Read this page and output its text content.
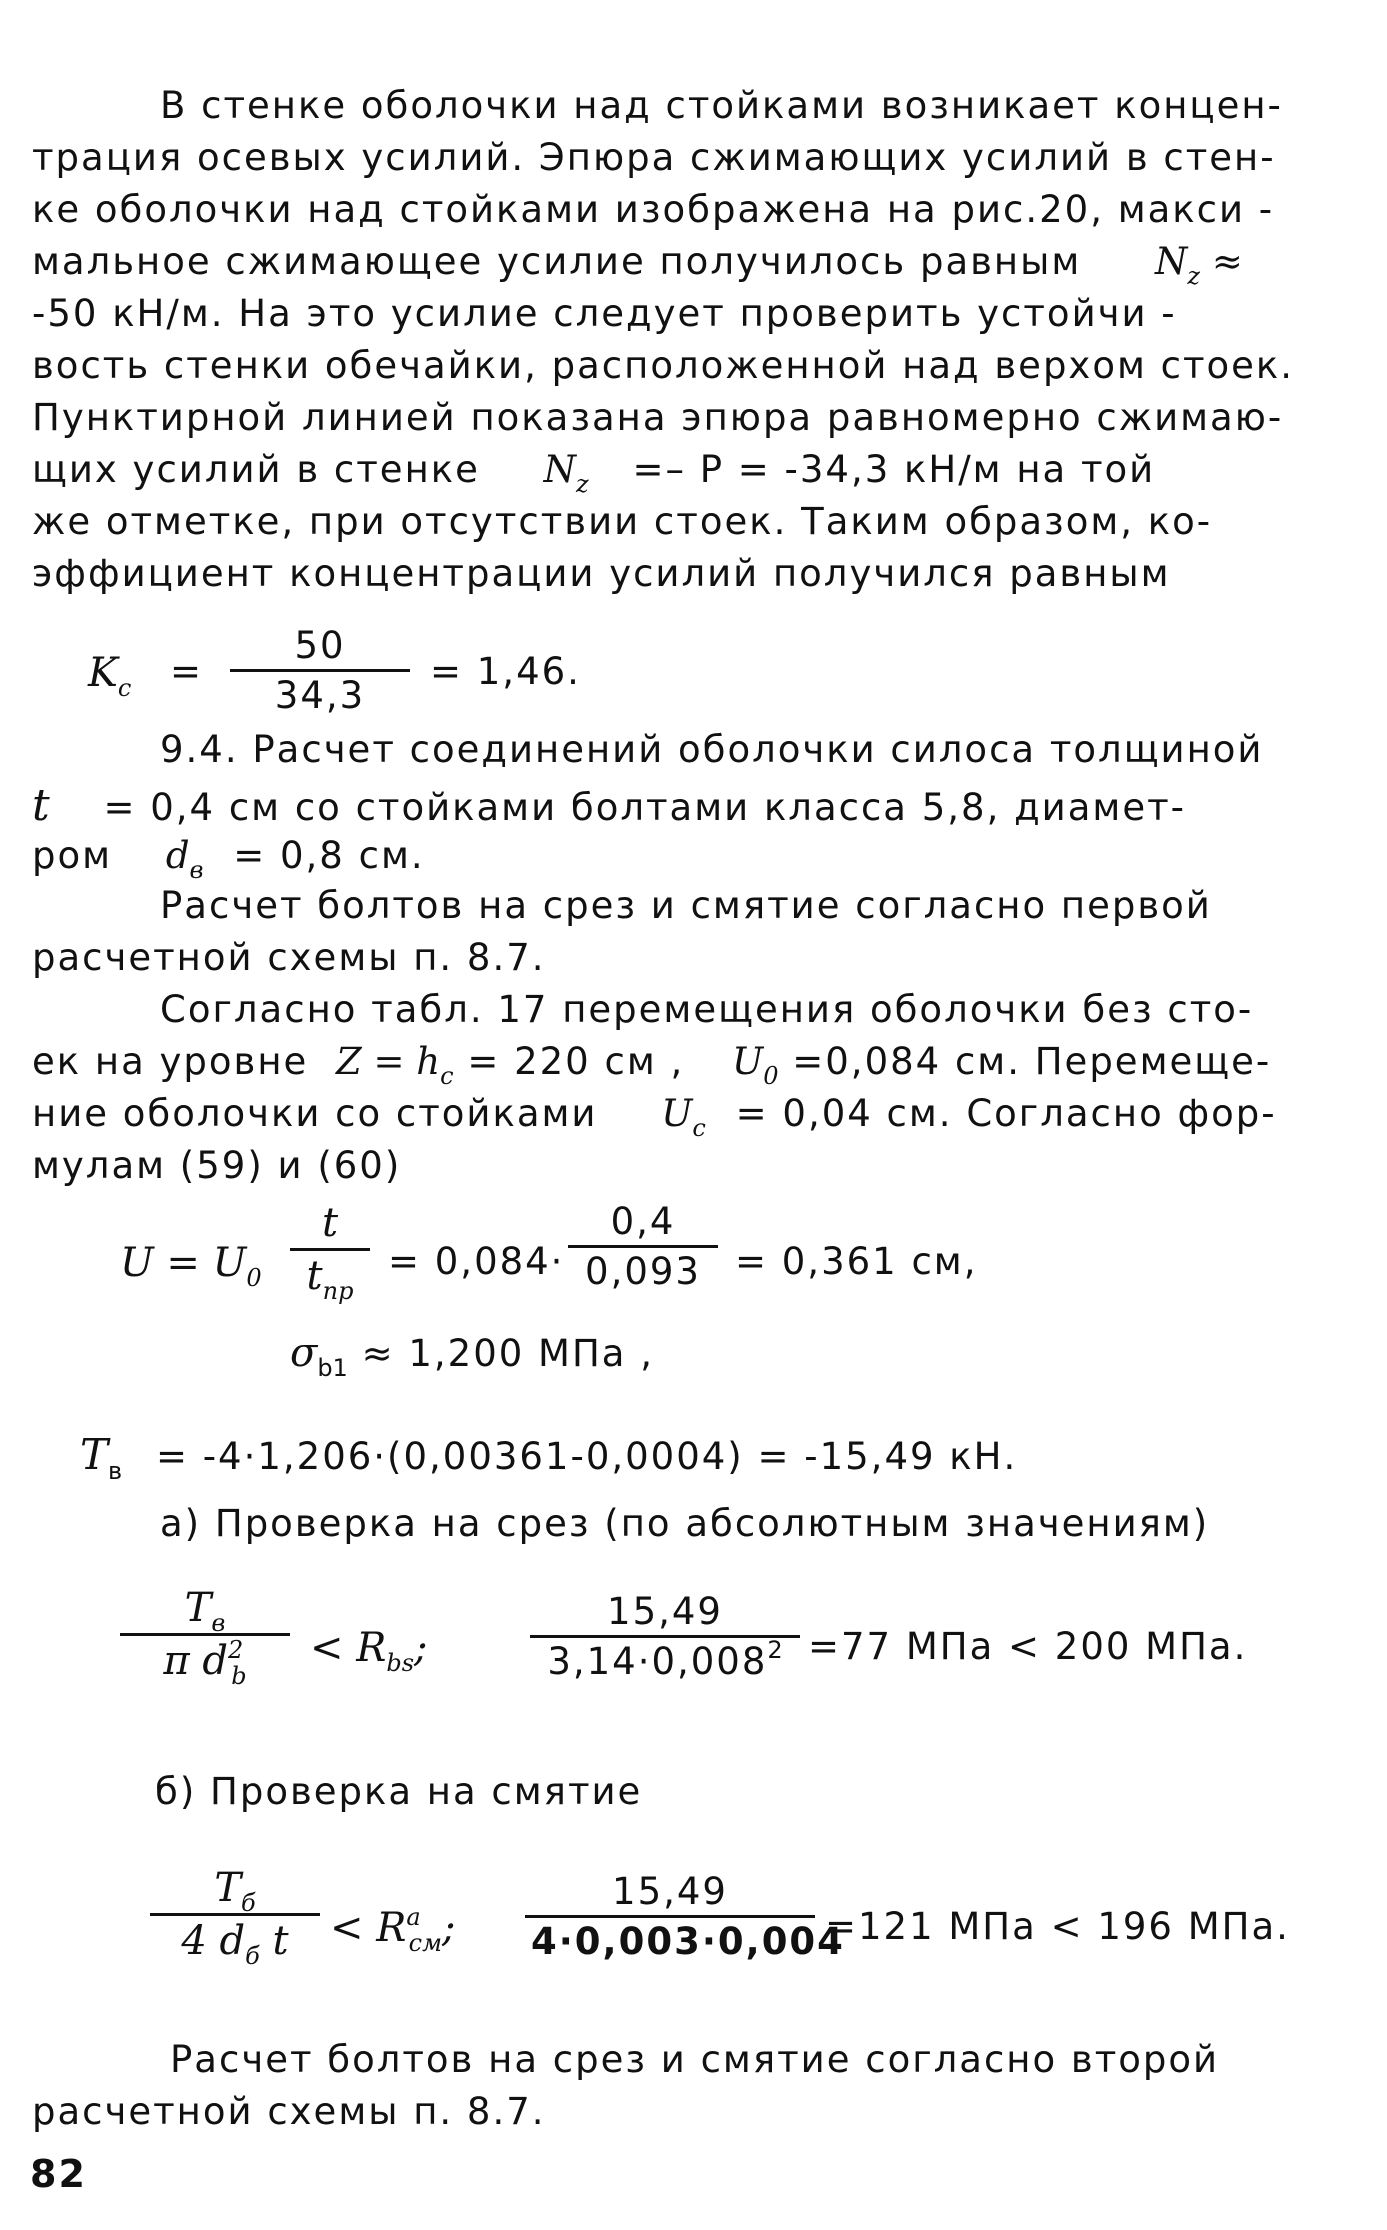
В стенке оболочки над стойками возникает концен-
трация осевых усилий. Эпюра сжимающих усилий в стен-
ке оболочки над стойками изображена на рис.20, макси -
мальное сжимающее усилие получилось равным $N_z$ ≈
-50 кН/м. На это усилие следует проверить устойчи -
вость стенки обечайки, расположенной над верхом стоек.
Пунктирной линией показана эпюра равномерно сжимаю-
щих усилий в стенке $N_z =- P = -34,3$ кН/м на той
же отметке, при отсутствии стоек. Таким образом, ко-
эффициент концентрации усилий получился равным
$K_c$ =
50
34,3
= 1,46.
9.4. Расчет соединений оболочки силоса толщиной
t = 0,4 см со стойками болтами класса 5,8, диамет-
ром $d_в = 0,8$ см.
Расчет болтов на срез и смятие согласно первой
расчетной схемы п. 8.7.
Согласно табл. 17 перемещения оболочки без сто-
ек на уровне $Z = h_c = 220$ см , $U_0 =0,084$ см. Перемеще-
ние оболочки со стойками $U_c = 0,04$ см. Согласно фор-
мулам (59) и (60)
$U = U_0$
t
$t_{пр}$
= 0,084·
0,4
0,093 = 0,361 см,
$\sigma_{b1} \approx 1,200$ МПа ,
$T_в = -4\cdot 1,206\cdot(0,00361-0,0004) = -15,49$ кН.
а) Проверка на срез (по абсолютным значениям)
$T_в$
π $d^2_b$
< $R_{bs}$;
15,49
$3,14\cdot 0,008^2 =77$ МПа < 200 МПа.
б) Проверка на смятие
$T_б$
4 $d_б$ t	< $R^a_{см}$;
15,49
4·0,003·0,004
=121 МПа < 196 МПа.
Расчет болтов на срез и смятие согласно второй
расчетной схемы п. 8.7.
82
